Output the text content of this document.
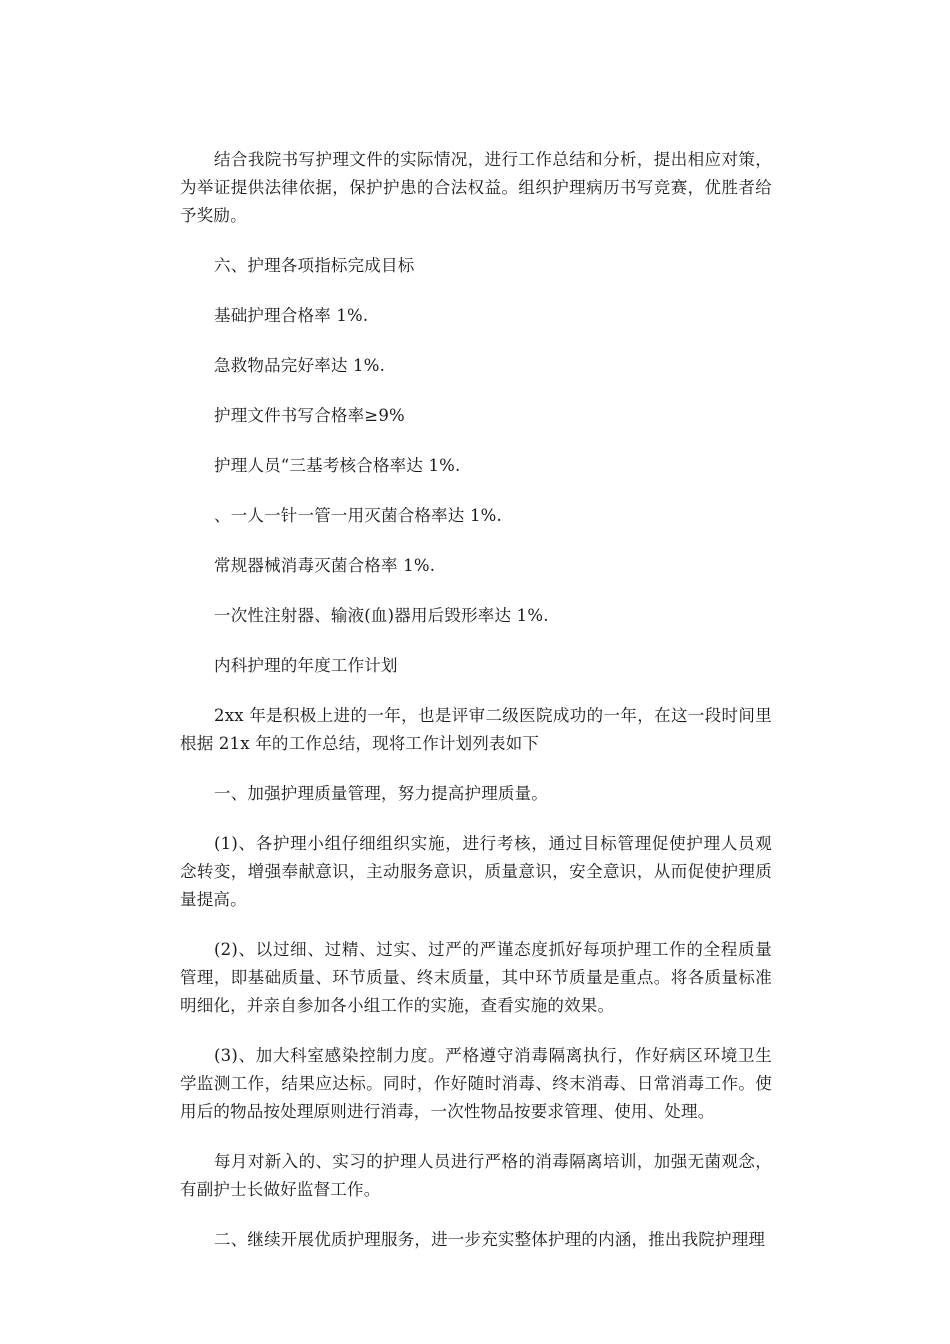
结合我院书写护理文件的实际情况，进行工作总结和分析，提出相应对策，为举证提供法律依据，保护护患的合法权益。组织护理病历书写竞赛，优胜者给予奖励。

六、护理各项指标完成目标

基础护理合格率 1%.

急救物品完好率达 1%.

护理文件书写合格率≥9%

护理人员“三基考核合格率达 1%.

、一人一针一管一用灭菌合格率达 1%.

常规器械消毒灭菌合格率 1%.

一次性注射器、输液(血)器用后毁形率达 1%.

内科护理的年度工作计划

2xx 年是积极上进的一年，也是评审二级医院成功的一年，在这一段时间里根据 21x 年的工作总结，现将工作计划列表如下

一、加强护理质量管理，努力提高护理质量。

(1)、各护理小组仔细组织实施，进行考核，通过目标管理促使护理人员观念转变，增强奉献意识，主动服务意识，质量意识，安全意识，从而促使护理质量提高。

(2)、以过细、过精、过实、过严的严谨态度抓好每项护理工作的全程质量管理，即基础质量、环节质量、终末质量，其中环节质量是重点。将各质量标准明细化，并亲自参加各小组工作的实施，查看实施的效果。

(3)、加大科室感染控制力度。严格遵守消毒隔离执行，作好病区环境卫生学监测工作，结果应达标。同时，作好随时消毒、终末消毒、日常消毒工作。使用后的物品按处理原则进行消毒，一次性物品按要求管理、使用、处理。

每月对新入的、实习的护理人员进行严格的消毒隔离培训，加强无菌观念，有副护士长做好监督工作。

二、继续开展优质护理服务，进一步充实整体护理的内涵，推出我院护理理
